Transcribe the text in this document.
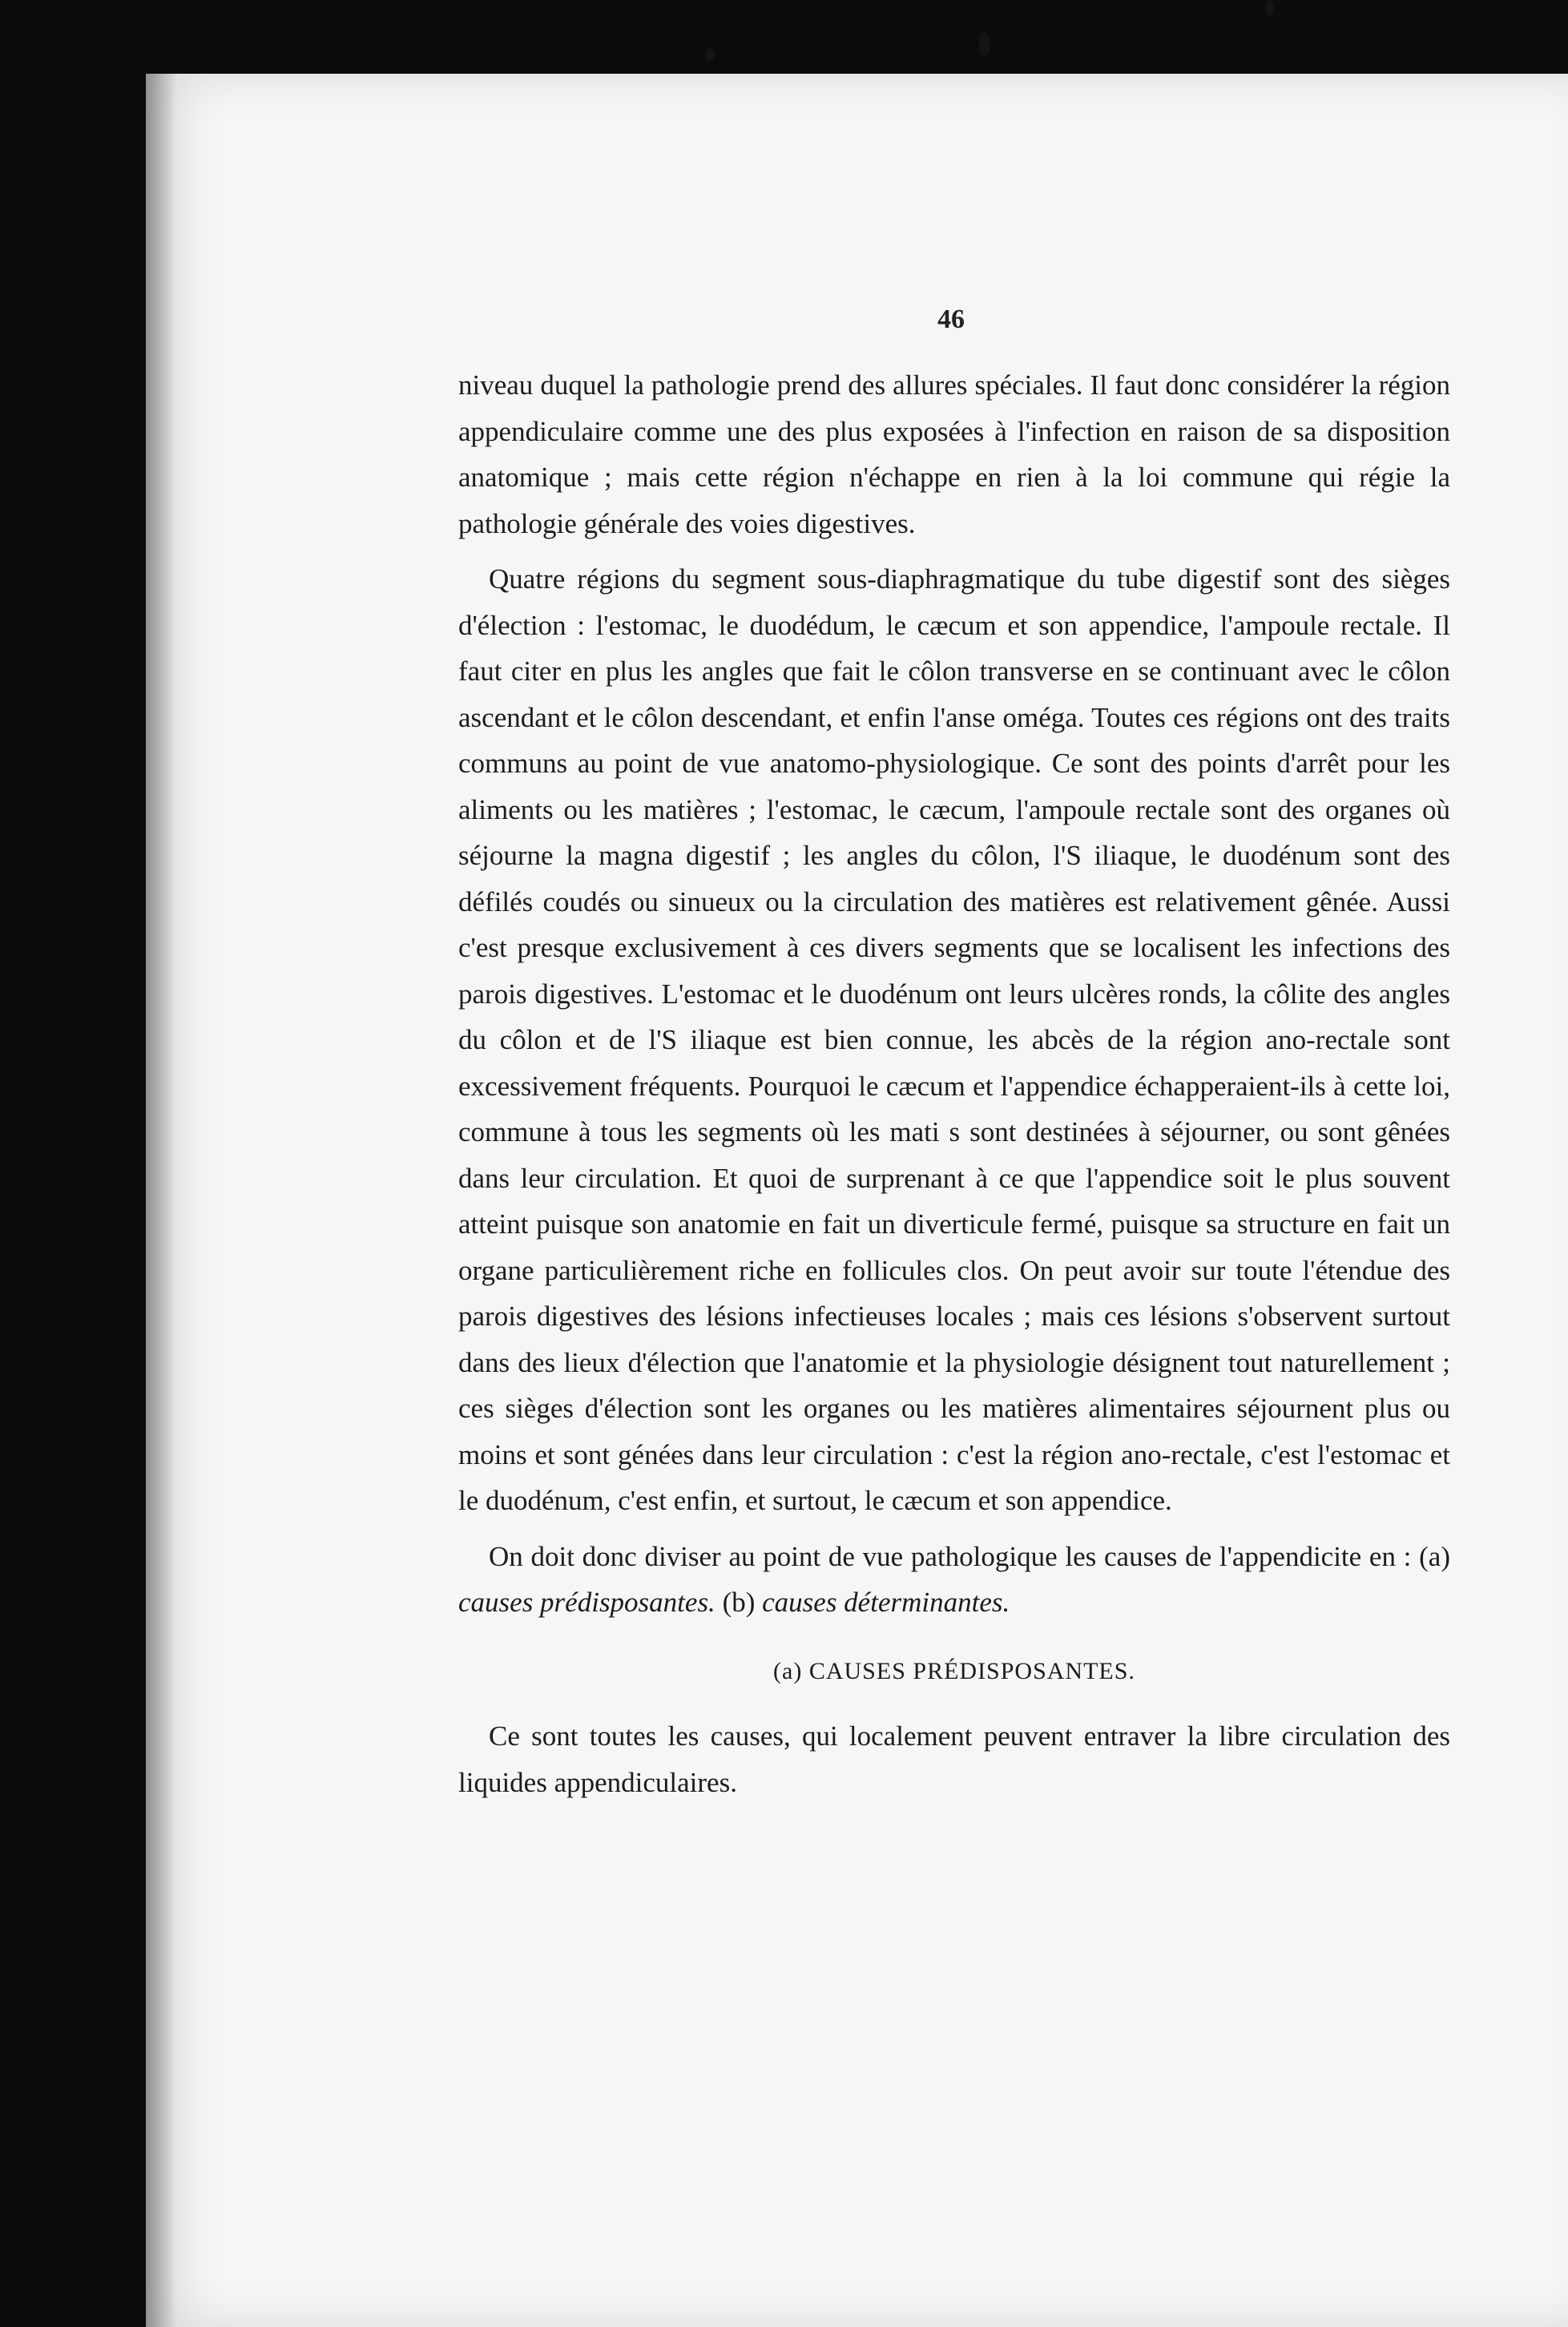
46

niveau duquel la pathologie prend des allures spéciales. Il faut donc considérer la région appendiculaire comme une des plus exposées à l'infection en raison de sa disposition anatomique ; mais cette région n'échappe en rien à la loi commune qui régie la pathologie générale des voies digestives.

Quatre régions du segment sous-diaphragmatique du tube digestif sont des sièges d'élection : l'estomac, le duodédum, le cæcum et son appendice, l'ampoule rectale. Il faut citer en plus les angles que fait le côlon transverse en se continuant avec le côlon ascendant et le côlon descendant, et enfin l'anse oméga. Toutes ces régions ont des traits communs au point de vue anatomo-physiologique. Ce sont des points d'arrêt pour les aliments ou les matières ; l'estomac, le cæcum, l'ampoule rectale sont des organes où séjourne la magna digestif ; les angles du côlon, l'S iliaque, le duodénum sont des défilés coudés ou sinueux ou la circulation des matières est relativement gênée. Aussi c'est presque exclusivement à ces divers segments que se localisent les infections des parois digestives. L'estomac et le duodénum ont leurs ulcères ronds, la côlite des angles du côlon et de l'S iliaque est bien connue, les abcès de la région ano-rectale sont excessivement fréquents. Pourquoi le cæcum et l'appendice échapperaient-ils à cette loi, commune à tous les segments où les mati s sont destinées à séjourner, ou sont gênées dans leur circulation. Et quoi de surprenant à ce que l'appendice soit le plus souvent atteint puisque son anatomie en fait un diverticule fermé, puisque sa structure en fait un organe particulièrement riche en follicules clos. On peut avoir sur toute l'étendue des parois digestives des lésions infectieuses locales ; mais ces lésions s'observent surtout dans des lieux d'élection que l'anatomie et la physiologie désignent tout naturellement ; ces sièges d'élection sont les organes ou les matières alimentaires séjournent plus ou moins et sont génées dans leur circulation : c'est la région ano-rectale, c'est l'estomac et le duodénum, c'est enfin, et surtout, le cæcum et son appendice.

On doit donc diviser au point de vue pathologique les causes de l'appendicite en : (a) causes prédisposantes. (b) causes déterminantes.

(a) CAUSES PRÉDISPOSANTES.

Ce sont toutes les causes, qui localement peuvent entraver la libre circulation des liquides appendiculaires.
